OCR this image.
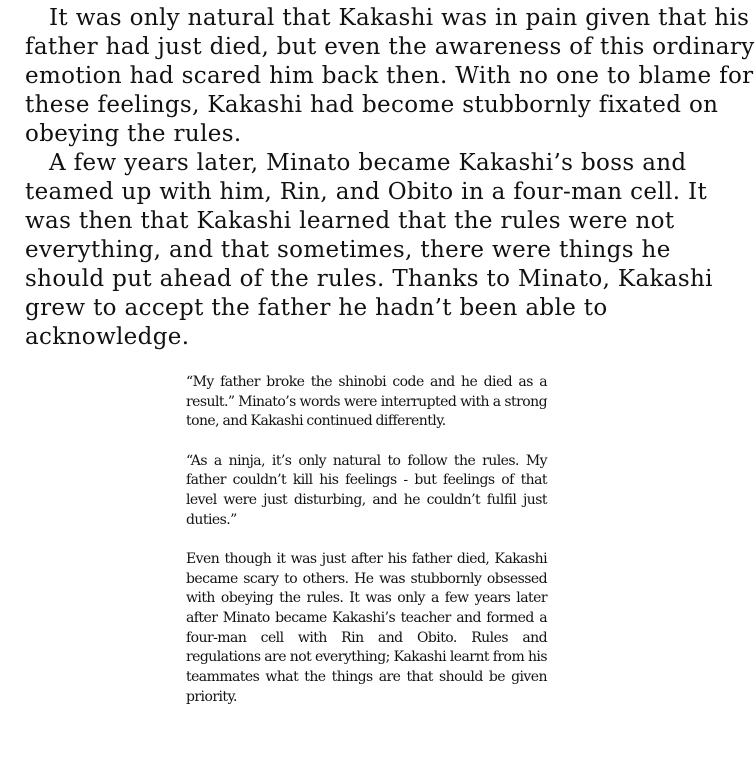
It was only natural that Kakashi was in pain given that his father had just died, but even the awareness of this ordinary emotion had scared him back then. With no one to blame for these feelings, Kakashi had become stubbornly fixated on obeying the rules.

A few years later, Minato became Kakashi’s boss and teamed up with him, Rin, and Obito in a four-man cell. It was then that Kakashi learned that the rules were not everything, and that sometimes, there were things he should put ahead of the rules. Thanks to Minato, Kakashi grew to accept the father he hadn’t been able to acknowledge.

“My father broke the shinobi code and he died as a result.” Minato’s words were interrupted with a strong tone, and Kakashi continued differently.

“As a ninja, it’s only natural to follow the rules. My father couldn’t kill his feelings - but feelings of that level were just disturbing, and he couldn’t fulfil just duties.”

Even though it was just after his father died, Kakashi became scary to others. He was stubbornly obsessed with obeying the rules. It was only a few years later after Minato became Kakashi’s teacher and formed a four-man cell with Rin and Obito. Rules and regulations are not everything; Kakashi learnt from his teammates what the things are that should be given priority.
